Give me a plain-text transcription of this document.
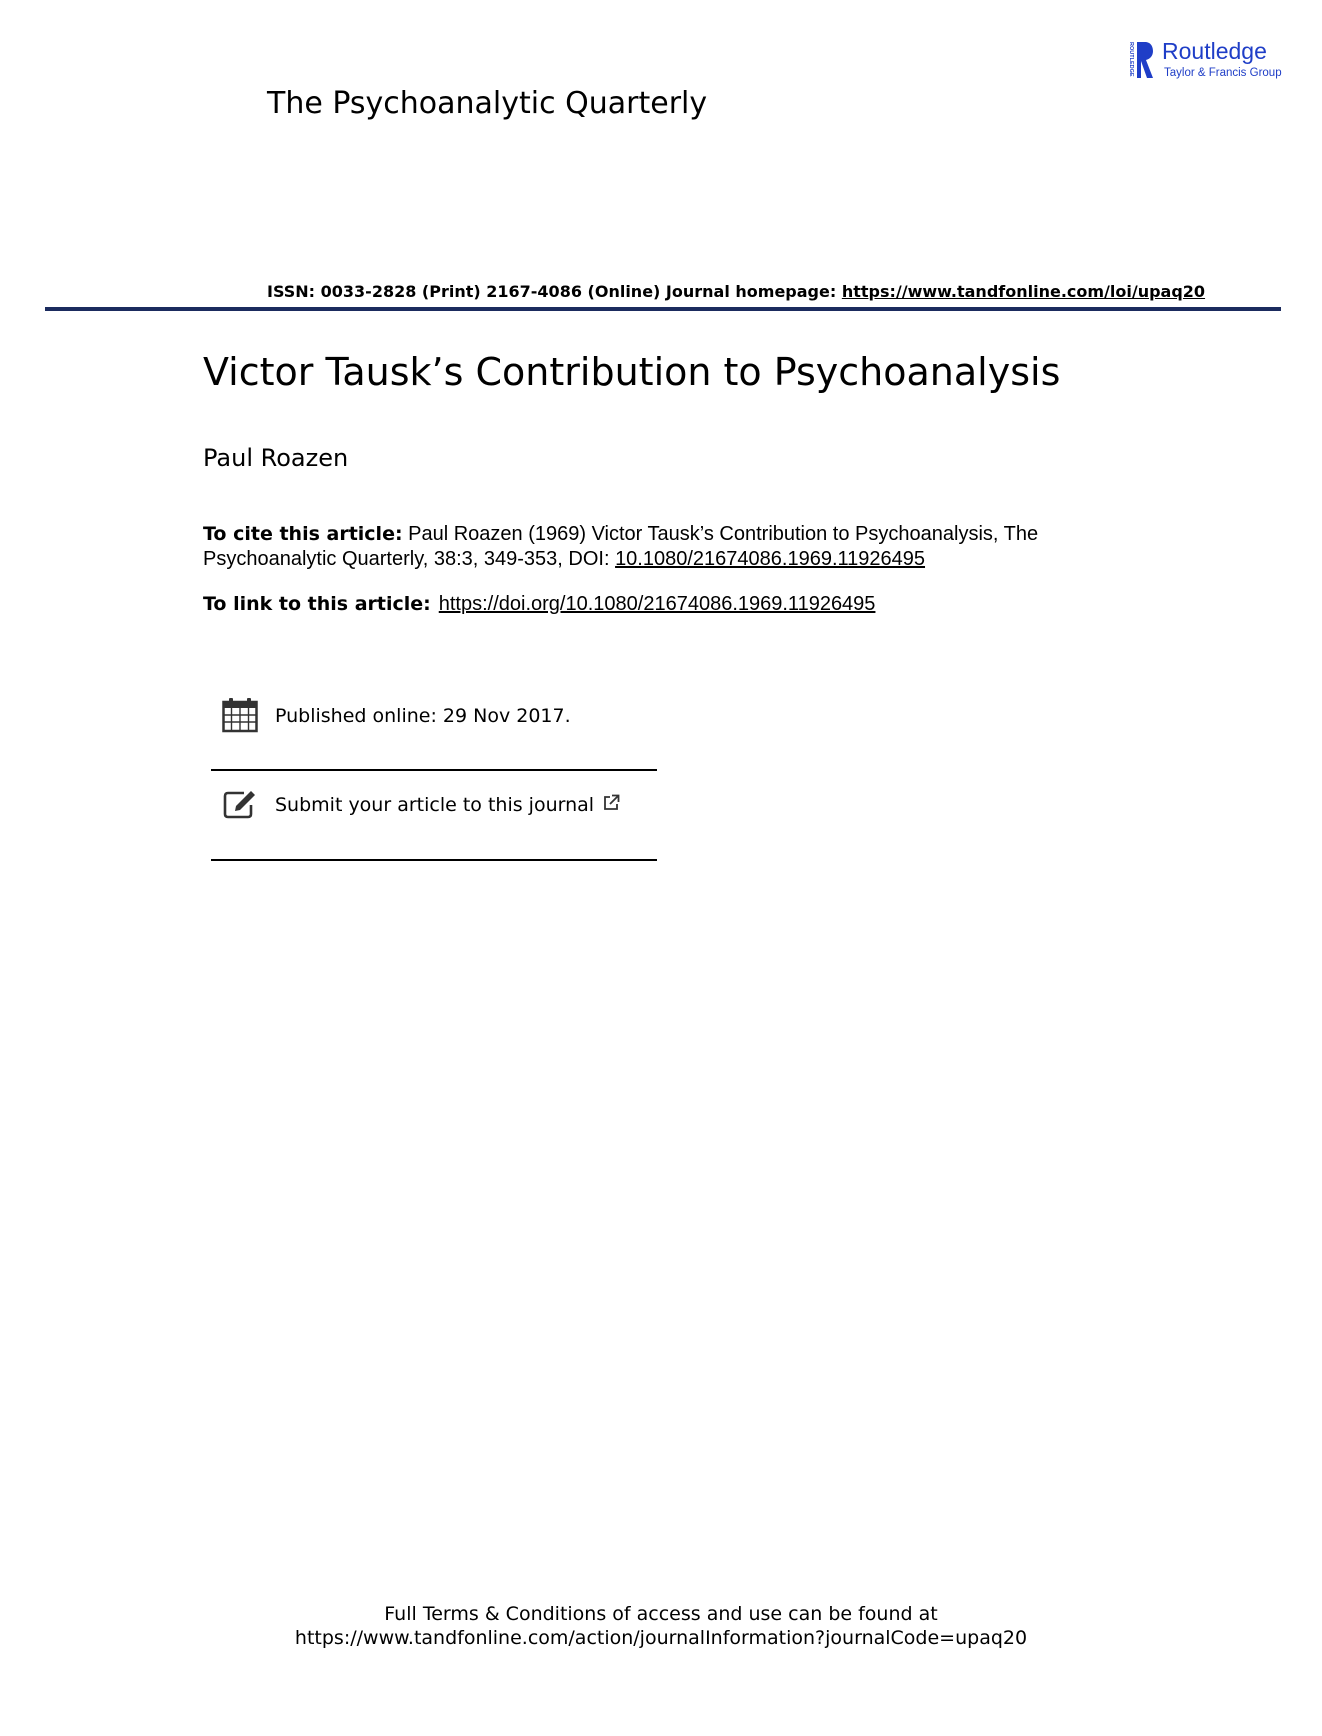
The Psychoanalytic Quarterly
ROUTLEDGE Routledge
Taylor & Francis Group
ISSN: 0033-2828 (Print) 2167-4086 (Online) Journal homepage: https://www.tandfonline.com/loi/upaq20
Victor Tausk’s Contribution to Psychoanalysis
Paul Roazen
To cite this article: Paul Roazen (1969) Victor Tausk’s Contribution to Psychoanalysis, The Psychoanalytic Quarterly, 38:3, 349-353, DOI: 10.1080/21674086.1969.11926495
To link to this article: https://doi.org/10.1080/21674086.1969.11926495
Published online: 29 Nov 2017.
Submit your article to this journal
Full Terms & Conditions of access and use can be found at
https://www.tandfonline.com/action/journalInformation?journalCode=upaq20
